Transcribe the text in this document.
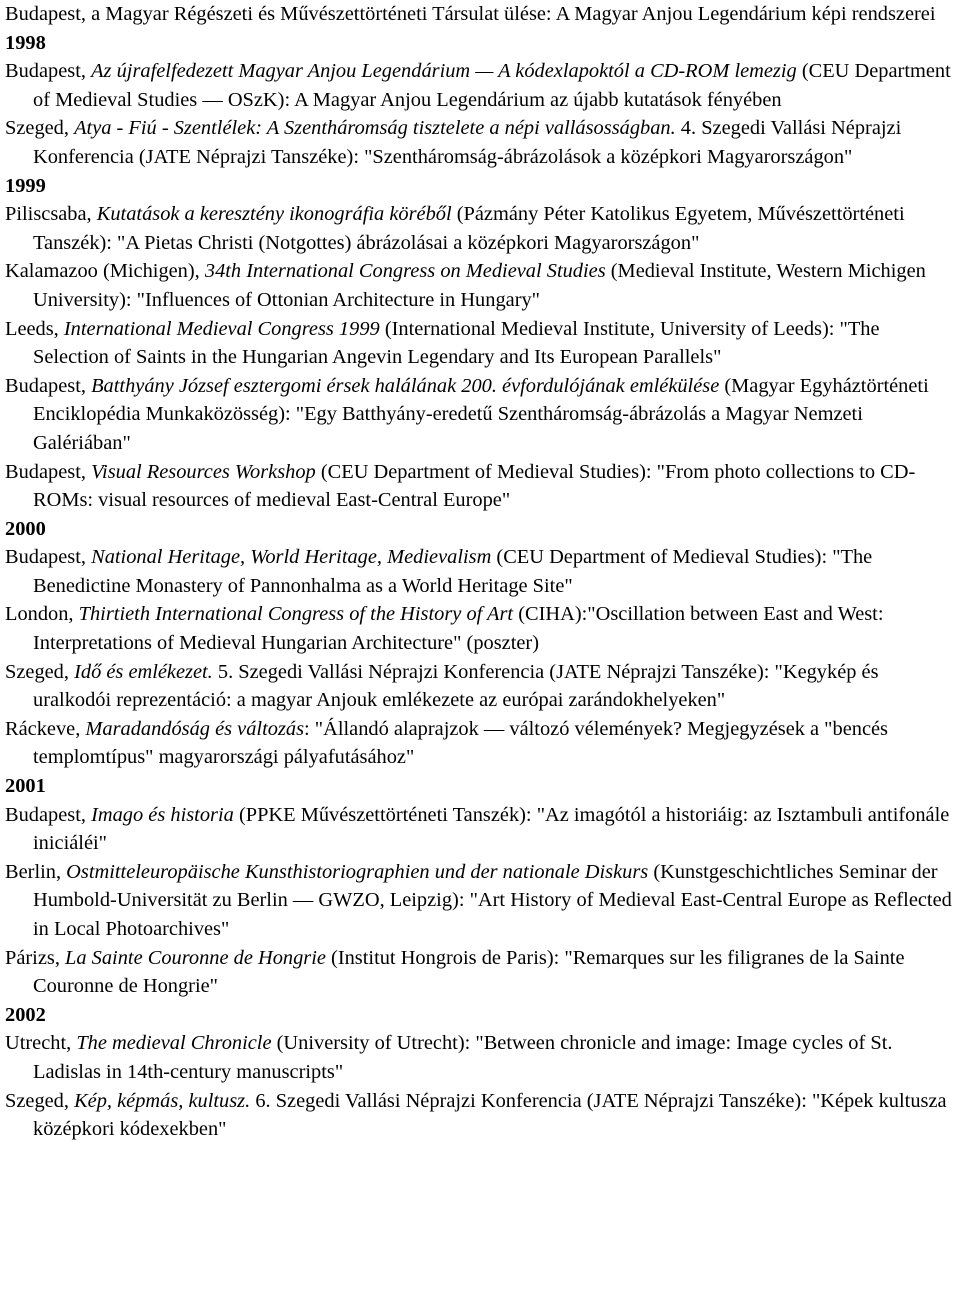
Budapest, a Magyar Régészeti és Művészettörténeti Társulat ülése: A Magyar Anjou Legendárium képi rendszerei

1998

Budapest, Az újrafelfedezett Magyar Anjou Legendárium — A kódexlapoktól a CD-ROM lemezig (CEU Department of Medieval Studies — OSzK): A Magyar Anjou Legendárium az újabb kutatások fényében

Szeged, Atya - Fiú - Szentlélek: A Szentháromság tisztelete a népi vallásosságban. 4. Szegedi Vallási Néprajzi Konferencia (JATE Néprajzi Tanszéke): "Szentháromság-ábrázolások a középkori Magyarországon"

1999

Piliscsaba, Kutatások a keresztény ikonográfia köréből (Pázmány Péter Katolikus Egyetem, Művészettörténeti Tanszék): "A Pietas Christi (Notgottes) ábrázolásai a középkori Magyarországon"

Kalamazoo (Michigen), 34th International Congress on Medieval Studies (Medieval Institute, Western Michigen University): "Influences of Ottonian Architecture in Hungary"

Leeds, International Medieval Congress 1999 (International Medieval Institute, University of Leeds): "The Selection of Saints in the Hungarian Angevin Legendary and Its European Parallels"

Budapest, Batthyány József esztergomi érsek halálának 200. évfordulójának emlékülése (Magyar Egyháztörténeti Enciklopédia Munkaközösség): "Egy Batthyány-eredetű Szentháromság-ábrázolás a Magyar Nemzeti Galériában"

Budapest, Visual Resources Workshop (CEU Department of Medieval Studies): "From photo collections to CD-ROMs: visual resources of medieval East-Central Europe"

2000

Budapest, National Heritage, World Heritage, Medievalism (CEU Department of Medieval Studies): "The Benedictine Monastery of Pannonhalma as a World Heritage Site"

London, Thirtieth International Congress of the History of Art (CIHA):"Oscillation between East and West: Interpretations of Medieval Hungarian Architecture" (poszter)

Szeged, Idő és emlékezet. 5. Szegedi Vallási Néprajzi Konferencia (JATE Néprajzi Tanszéke): "Kegykép és uralkodói reprezentáció: a magyar Anjouk emlékezete az európai zarándokhelyeken"

Ráckeve, Maradandóság és változás: "Állandó alaprajzok — változó vélemények? Megjegyzések a "bencés templomtípus" magyarországi pályafutásához"

2001

Budapest, Imago és historia (PPKE Művészettörténeti Tanszék): "Az imagótól a historiáig: az Isztambuli antifonále iniciáléi"

Berlin, Ostmitteleuropäische Kunsthistoriographien und der nationale Diskurs (Kunstgeschichtliches Seminar der Humbold-Universität zu Berlin — GWZO, Leipzig): "Art History of Medieval East-Central Europe as Reflected in Local Photoarchives"

Párizs, La Sainte Couronne de Hongrie (Institut Hongrois de Paris): "Remarques sur les filigranes de la Sainte Couronne de Hongrie"

2002

Utrecht, The medieval Chronicle (University of Utrecht): "Between chronicle and image: Image cycles of St. Ladislas in 14th-century manuscripts"

Szeged, Kép, képmás, kultusz. 6. Szegedi Vallási Néprajzi Konferencia (JATE Néprajzi Tanszéke): "Képek kultusza középkori kódexekben"
